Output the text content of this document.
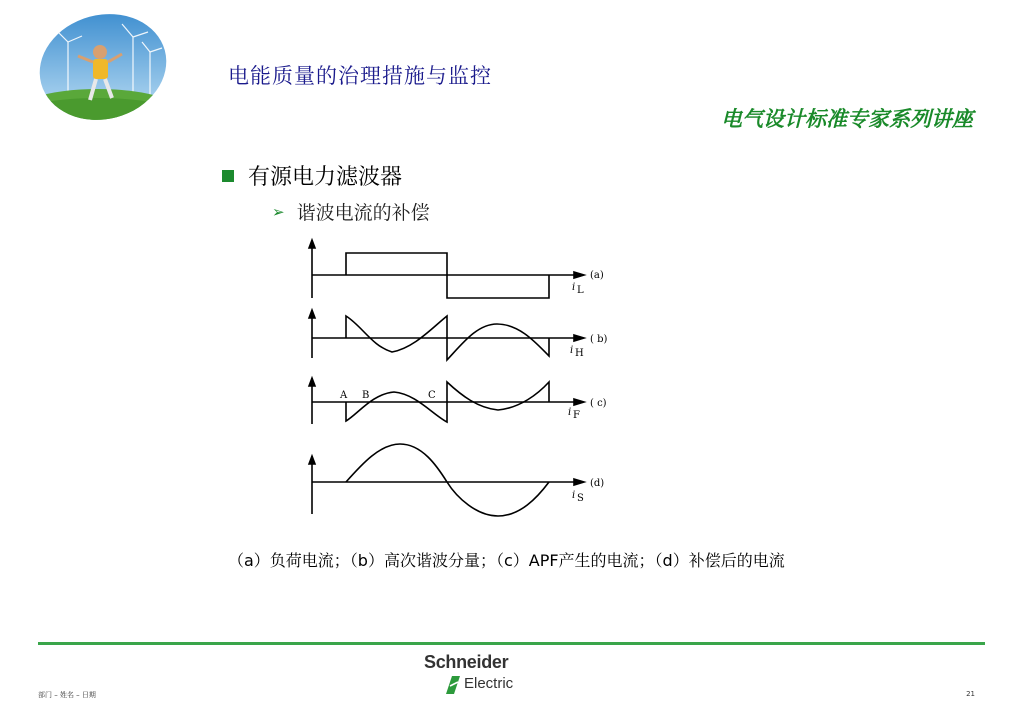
电能质量的治理措施与监控
电气设计标准专家系列讲座
有源电力滤波器
➢ 谐波电流的补偿
A B	C
(a)
i L
( b)
i H
( c)
i F
(d)
i S
（a）负荷电流；（b）高次谐波分量；（c）APF产生的电流；（d）补偿后的电流
部门 – 姓名 – 日期	21
Schneider
Electric
